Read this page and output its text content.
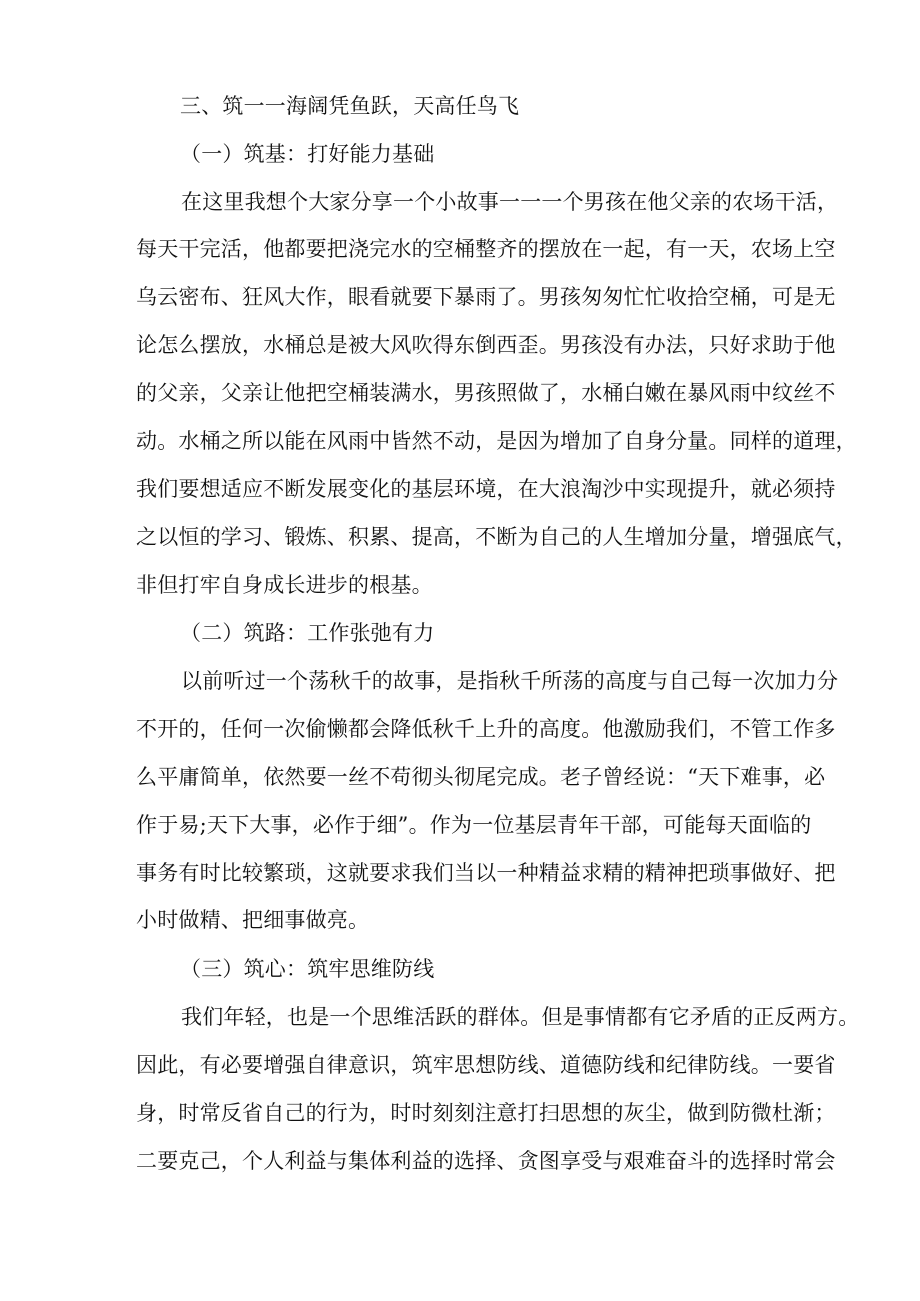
三、筑一一海阔凭鱼跃，天高任鸟飞
（一）筑基：打好能力基础
在这里我想个大家分享一个小故事一一一个男孩在他父亲的农场干活，
每天干完活，他都要把浇完水的空桶整齐的摆放在一起，有一天，农场上空
乌云密布、狂风大作，眼看就要下暴雨了。男孩匆匆忙忙收拾空桶，可是无
论怎么摆放，水桶总是被大风吹得东倒西歪。男孩没有办法，只好求助于他
的父亲，父亲让他把空桶装满水，男孩照做了，水桶白嫩在暴风雨中纹丝不
动。水桶之所以能在风雨中皆然不动，是因为增加了自身分量。同样的道理，
我们要想适应不断发展变化的基层环境，在大浪淘沙中实现提升，就必须持
之以恒的学习、锻炼、积累、提高，不断为自己的人生增加分量，增强底气，
非但打牢自身成长进步的根基。
（二）筑路：工作张弛有力
以前听过一个荡秋千的故事，是指秋千所荡的高度与自己每一次加力分
不开的，任何一次偷懒都会降低秋千上升的高度。他激励我们，不管工作多
么平庸简单，依然要一丝不苟彻头彻尾完成。老子曾经说：“天下难事，必
作于易;天下大事，必作于细”。作为一位基层青年干部，可能每天面临的
事务有时比较繁琐，这就要求我们当以一种精益求精的精神把琐事做好、把
小时做精、把细事做亮。
（三）筑心：筑牢思维防线
我们年轻，也是一个思维活跃的群体。但是事情都有它矛盾的正反两方。
因此，有必要增强自律意识，筑牢思想防线、道德防线和纪律防线。一要省
身，时常反省自己的行为，时时刻刻注意打扫思想的灰尘，做到防微杜渐；
二要克己，个人利益与集体利益的选择、贪图享受与艰难奋斗的选择时常会
